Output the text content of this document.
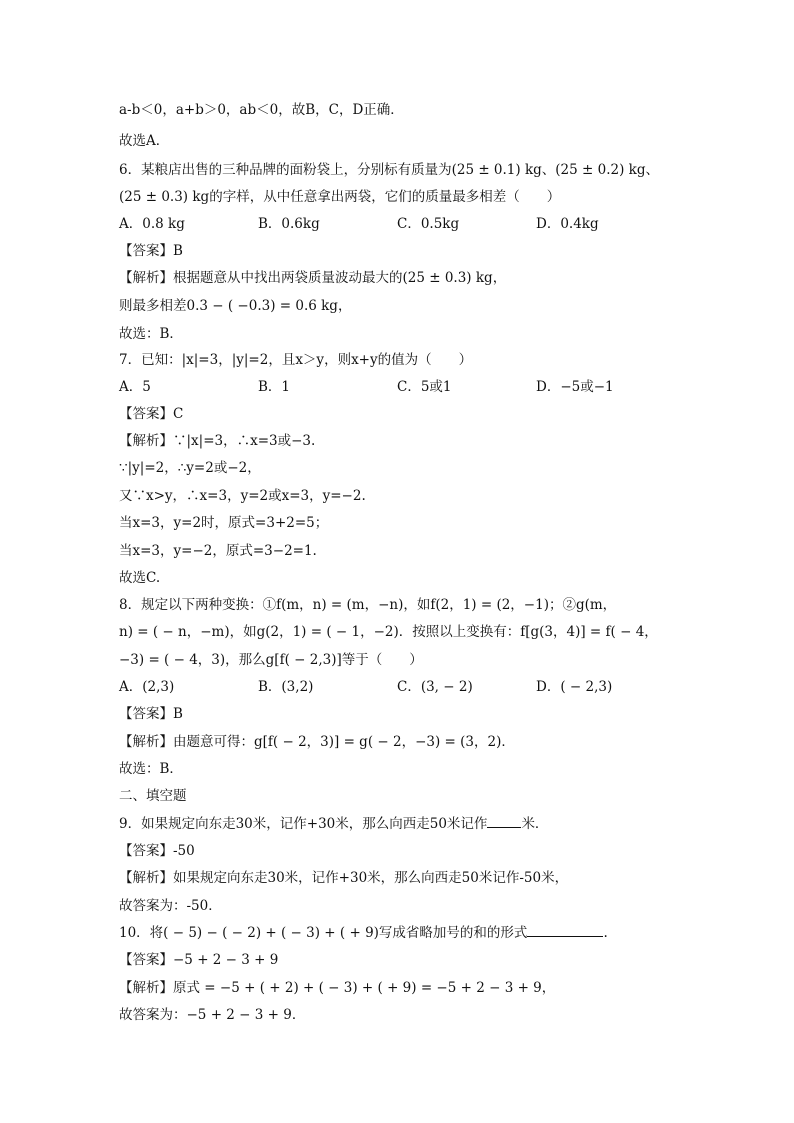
a-b＜0，a+b＞0，ab＜0，故B，C，D正确．
故选A．
6．某粮店出售的三种品牌的面粉袋上，分别标有质量为(25 ± 0.1) kg、(25 ± 0.2) kg、
(25 ± 0.3) kg的字样，从中任意拿出两袋，它们的质量最多相差（　　）
A．0.8 kg	B．0.6kg	C．0.5kg	D．0.4kg
【答案】B
【解析】根据题意从中找出两袋质量波动最大的(25 ± 0.3) kg，
则最多相差0.3 − ( −0.3) = 0.6 kg，
故选：B．
7．已知：|x|=3，|y|=2，且x＞y，则x+y的值为（　　）
A．5	B．1	C．5或1	D．−5或−1
【答案】C
【解析】∵|x|=3，∴x=3或−3.
∵|y|=2，∴y=2或−2，
又∵x>y，∴x=3，y=2或x=3，y=−2.
当x=3，y=2时，原式=3+2=5；
当x=3，y=−2，原式=3−2=1.
故选C.
8．规定以下两种变换：①f(m，n) = (m，−n)，如f(2，1) = (2，−1)；②g(m，
n) = ( − n，−m)，如g(2，1) = ( − 1，−2)．按照以上变换有：f[g(3，4)] = f( − 4，
−3) = ( − 4，3)，那么g[f( − 2,3)]等于（　　）
A．(2,3)	B．(3,2)	C．(3, − 2)	D．( − 2,3)
【答案】B
【解析】由题意可得：g[f( − 2，3)] = g( − 2，−3) = (3，2)．
故选：B．
二、填空题
9．如果规定向东走30米，记作+30米，那么向西走50米记作	米．
【答案】-50
【解析】如果规定向东走30米，记作+30米，那么向西走50米记作-50米，
故答案为：-50．
10．将( − 5) − ( − 2) + ( − 3) + ( + 9)写成省略加号的和的形式	.
【答案】−5 + 2 − 3 + 9
【解析】原式 = −5 + ( + 2) + ( − 3) + ( + 9) = −5 + 2 − 3 + 9，
故答案为：−5 + 2 − 3 + 9．
